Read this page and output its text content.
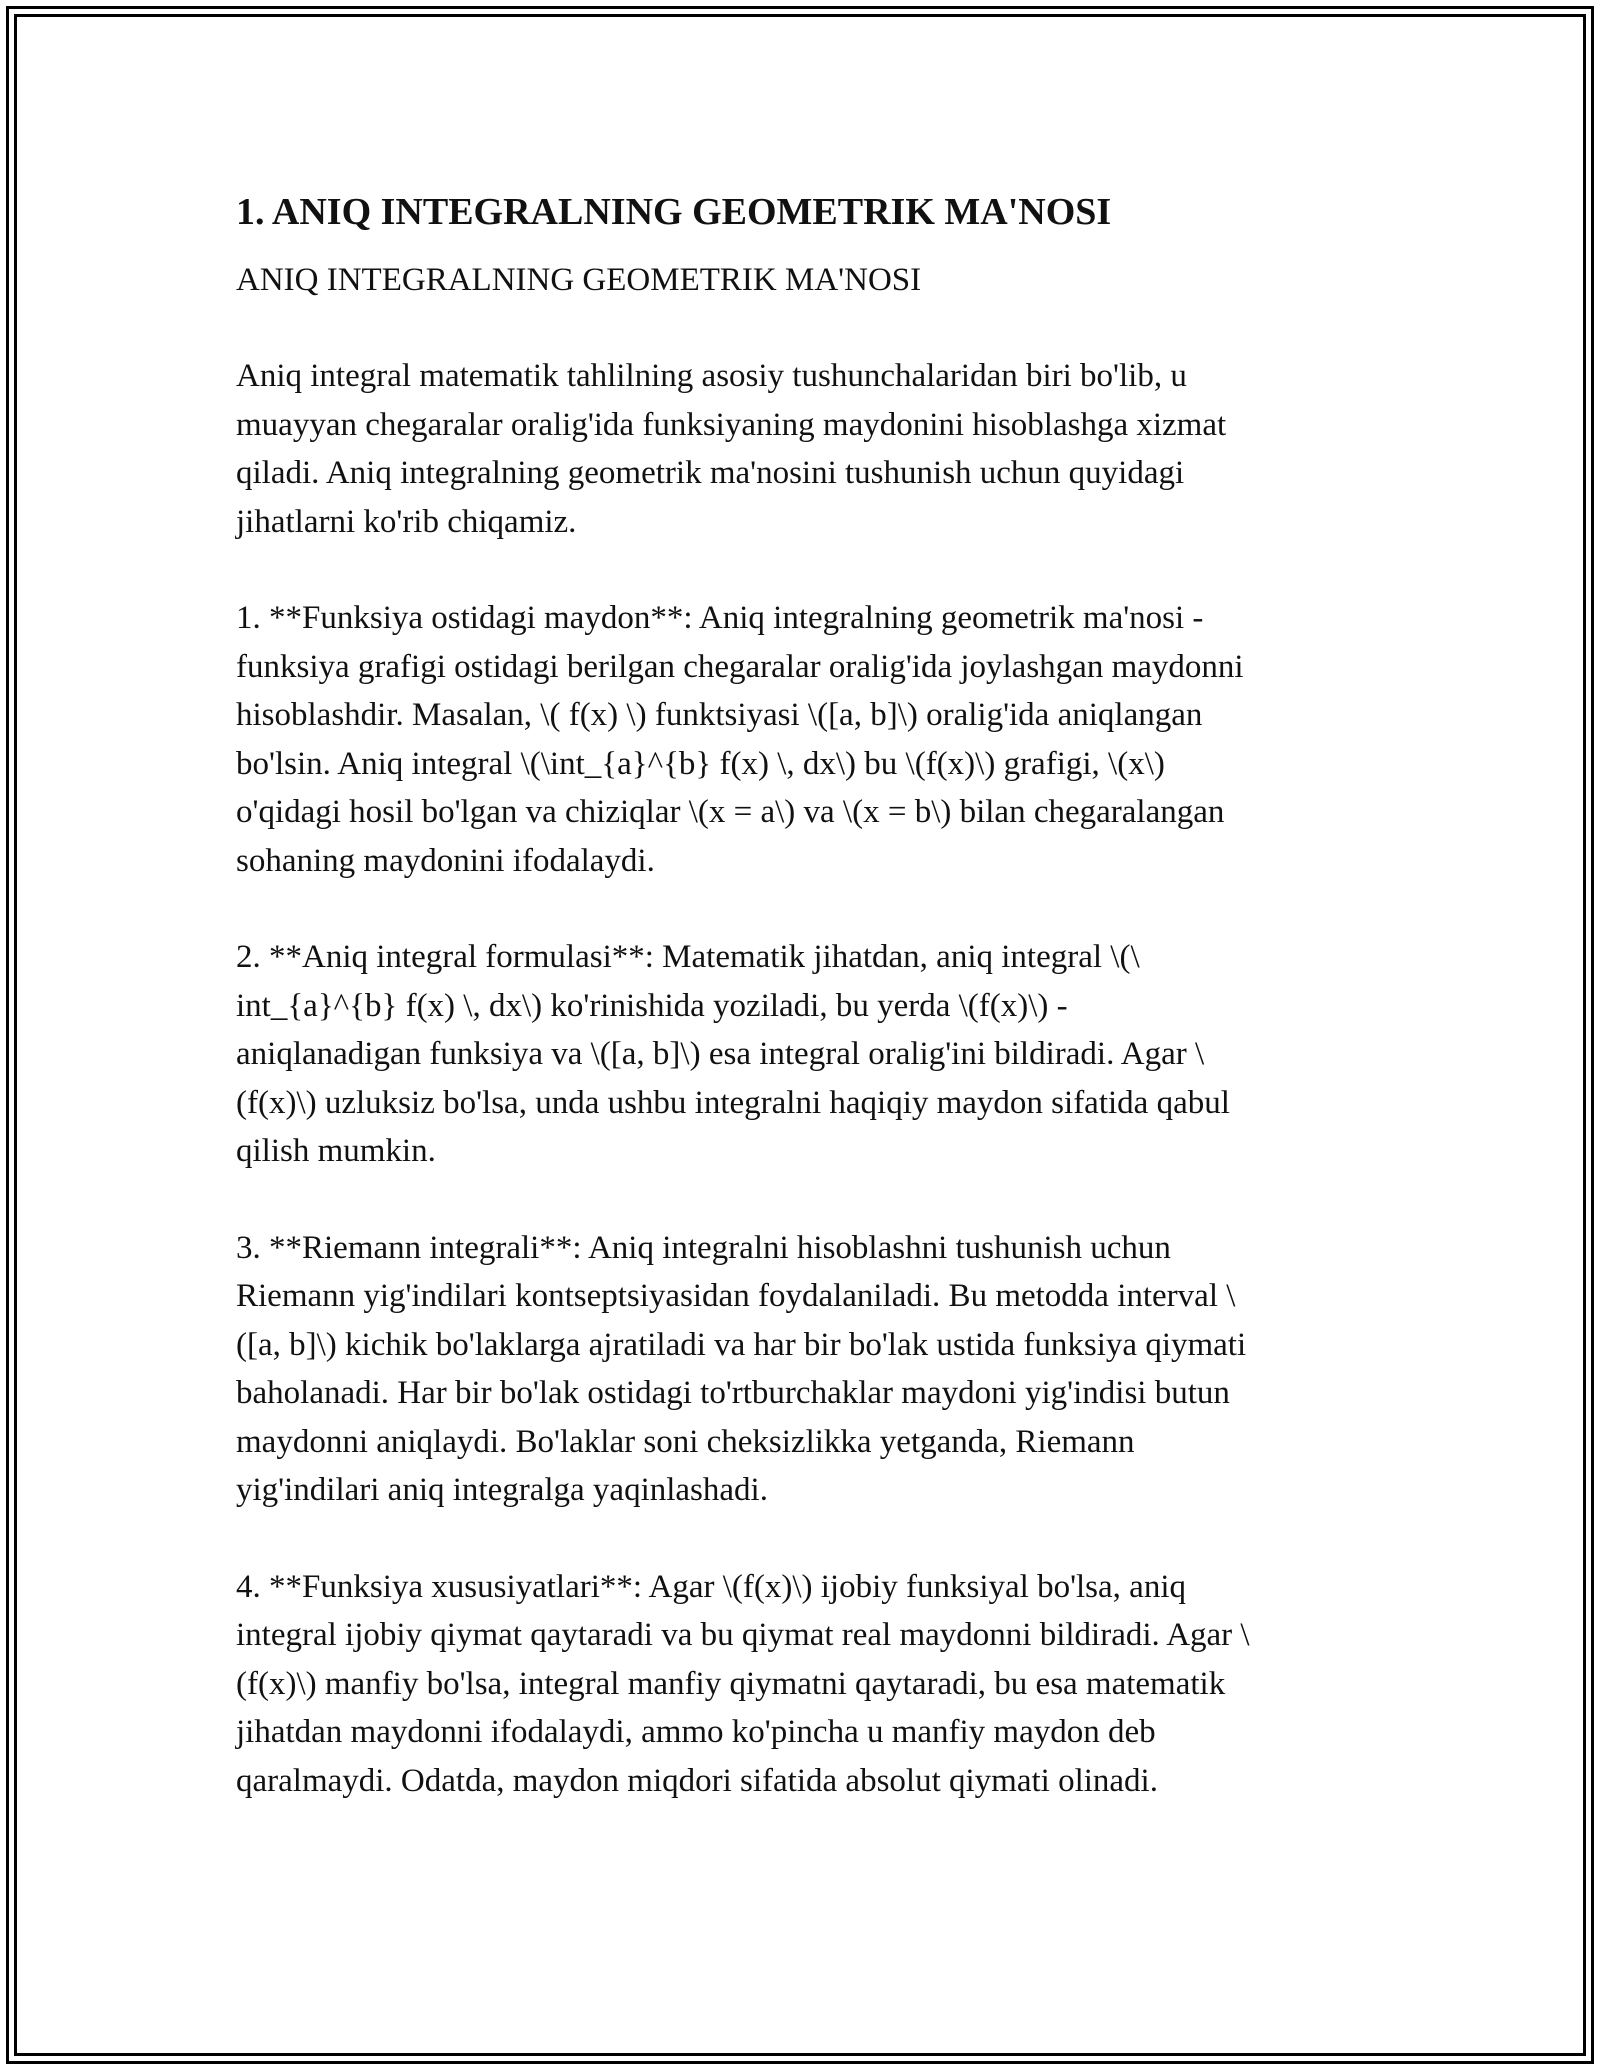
1. ANIQ INTEGRALNING GEOMETRIK MA'NOSI

ANIQ INTEGRALNING GEOMETRIK MA'NOSI

Aniq integral matematik tahlilning asosiy tushunchalaridan biri bo'lib, u
muayyan chegaralar oralig'ida funksiyaning maydonini hisoblashga xizmat
qiladi. Aniq integralning geometrik ma'nosini tushunish uchun quyidagi
jihatlarni ko'rib chiqamiz.

1. **Funksiya ostidagi maydon**: Aniq integralning geometrik ma'nosi -
funksiya grafigi ostidagi berilgan chegaralar oralig'ida joylashgan maydonni
hisoblashdir. Masalan, \( f(x) \) funktsiyasi \([a, b]\) oralig'ida aniqlangan
bo'lsin. Aniq integral \(\int_{a}^{b} f(x) \, dx\) bu \(f(x)\) grafigi, \(x\)
o'qidagi hosil bo'lgan va chiziqlar \(x = a\) va \(x = b\) bilan chegaralangan
sohaning maydonini ifodalaydi.

2. **Aniq integral formulasi**: Matematik jihatdan, aniq integral \(\
int_{a}^{b} f(x) \, dx\) ko'rinishida yoziladi, bu yerda \(f(x)\) -
aniqlanadigan funksiya va \([a, b]\) esa integral oralig'ini bildiradi. Agar \
(f(x)\) uzluksiz bo'lsa, unda ushbu integralni haqiqiy maydon sifatida qabul
qilish mumkin.

3. **Riemann integrali**: Aniq integralni hisoblashni tushunish uchun
Riemann yig'indilari kontseptsiyasidan foydalaniladi. Bu metodda interval \
([a, b]\) kichik bo'laklarga ajratiladi va har bir bo'lak ustida funksiya qiymati
baholanadi. Har bir bo'lak ostidagi to'rtburchaklar maydoni yig'indisi butun
maydonni aniqlaydi. Bo'laklar soni cheksizlikka yetganda, Riemann
yig'indilari aniq integralga yaqinlashadi.

4. **Funksiya xususiyatlari**: Agar \(f(x)\) ijobiy funksiyal bo'lsa, aniq
integral ijobiy qiymat qaytaradi va bu qiymat real maydonni bildiradi. Agar \
(f(x)\) manfiy bo'lsa, integral manfiy qiymatni qaytaradi, bu esa matematik
jihatdan maydonni ifodalaydi, ammo ko'pincha u manfiy maydon deb
qaralmaydi. Odatda, maydon miqdori sifatida absolut qiymati olinadi.
